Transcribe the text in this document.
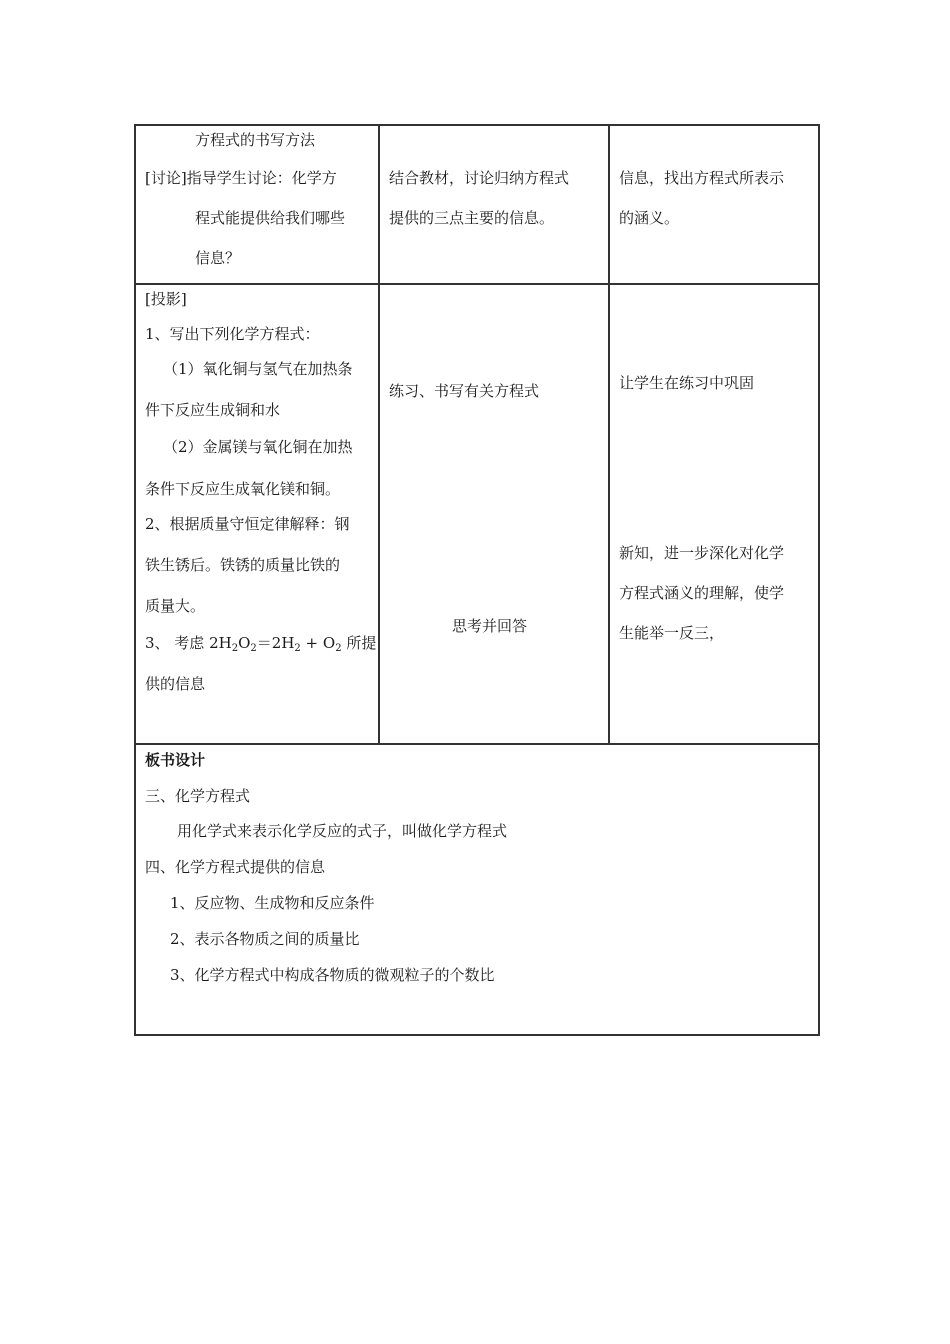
方程式的书写方法
[讨论]指导学生讨论：化学方
程式能提供给我们哪些
信息？
结合教材，讨论归纳方程式
提供的三点主要的信息。
信息，找出方程式所表示
的涵义。
[投影]
1、写出下列化学方程式：
（1）氧化铜与氢气在加热条
件下反应生成铜和水
（2）金属镁与氧化铜在加热
条件下反应生成氧化镁和铜。
2、根据质量守恒定律解释：钢
铁生锈后。铁锈的质量比铁的
质量大。
3、 考虑 $2H_2O_2=2H_2 + O_2$ 所提
供的信息
练习、书写有关方程式
思考并回答
让学生在练习中巩固
新知，进一步深化对化学
方程式涵义的理解，使学
生能举一反三，
板书设计
三、化学方程式
用化学式来表示化学反应的式子，叫做化学方程式
四、化学方程式提供的信息
1、反应物、生成物和反应条件
2、表示各物质之间的质量比
3、化学方程式中构成各物质的微观粒子的个数比
